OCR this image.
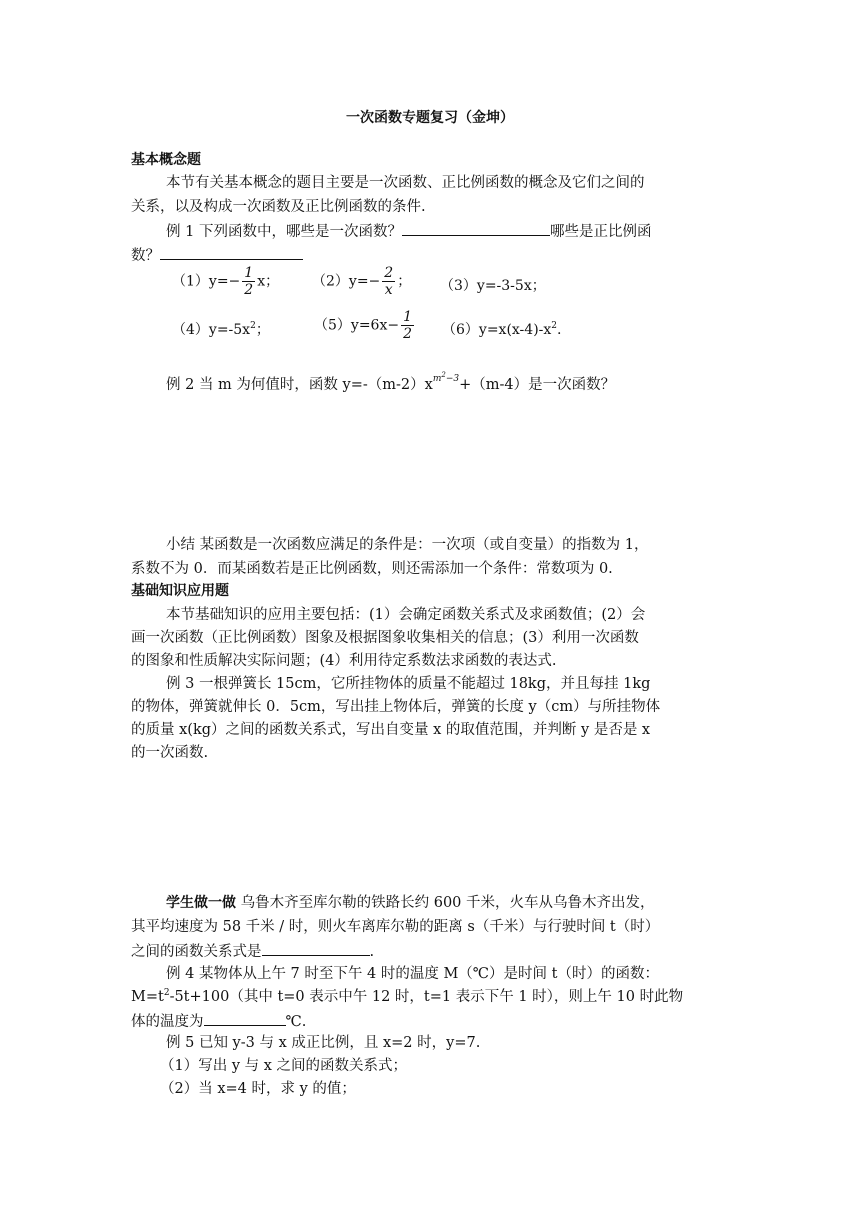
一次函数专题复习（金坤）
基本概念题
本节有关基本概念的题目主要是一次函数、正比例函数的概念及它们之间的
关系，以及构成一次函数及正比例函数的条件.
例 1 下列函数中，哪些是一次函数？	哪些是正比例函
数？
$(1)y=- \frac{1}{2}$ x； $(2)y=- \frac{2}{x}$ ； （3）y=-3-5x；
$(4)y=-5x^2$；	$(5)y=6x- \frac{1}{2} (6)y=x(x-4)-x^2$.
例 2 当 m 为何值时，函数 $y=-(m-2)x^{m^2-3}+(m-4)$是一次函数？
小结 某函数是一次函数应满足的条件是：一次项（或自变量）的指数为 1，
系数不为 0．而某函数若是正比例函数，则还需添加一个条件：常数项为 0.
基础知识应用题
本节基础知识的应用主要包括：(1）会确定函数关系式及求函数值；(2）会
画一次函数（正比例函数）图象及根据图象收集相关的信息；(3）利用一次函数
的图象和性质解决实际问题；(4）利用待定系数法求函数的表达式.
例 3 一根弹簧长 15cm，它所挂物体的质量不能超过 18kg，并且每挂 1kg
的物体，弹簧就伸长 0．5cm，写出挂上物体后，弹簧的长度 y（cm）与所挂物体
的质量 x(kg）之间的函数关系式，写出自变量 x 的取值范围，并判断 y 是否是 x
的一次函数.
学生做一做 乌鲁木齐至库尔勒的铁路长约 600 千米，火车从乌鲁木齐出发，
其平均速度为 58 千米 / 时，则火车离库尔勒的距离 s（千米）与行驶时间 t（时）
之间的函数关系式是	.
例 4 某物体从上午 7 时至下午 4 时的温度 M（℃）是时间 t（时）的函数：
$M=t^2-5t+100$（其中 t=0 表示中午 12 时，t=1 表示下午 1 时），则上午 10 时此物
体的温度为	℃.
例 5 已知 y-3 与 x 成正比例，且 x=2 时，y=7.
（1）写出 y 与 x 之间的函数关系式；
（2）当 x=4 时，求 y 的值；
